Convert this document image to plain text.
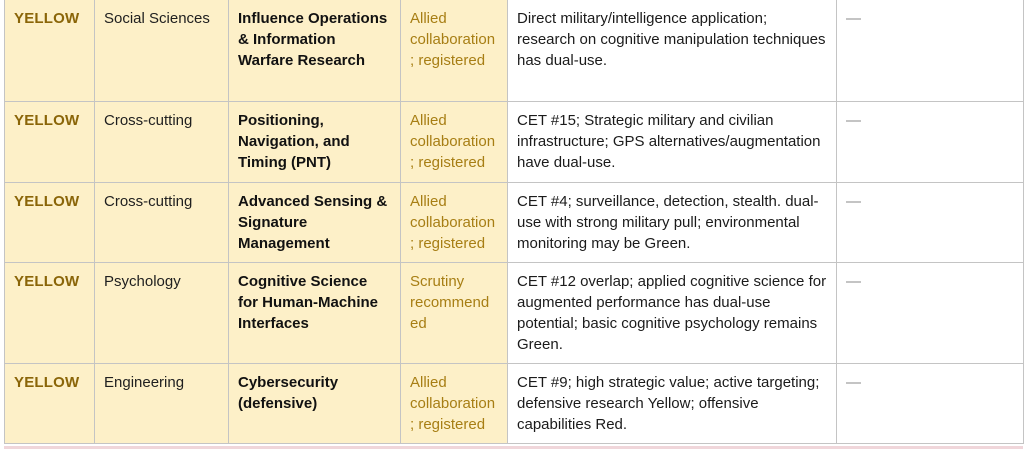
YELLOW	Social Sciences	Influence Operations & Information Warfare Research	Allied collaboration ; registered	Direct military/intelligence application; research on cognitive manipulation techniques has dual-use.	—
YELLOW	Cross-cutting	Positioning, Navigation, and Timing (PNT)	Allied collaboration ; registered	CET #15; Strategic military and civilian infrastructure; GPS alternatives/augmentation have dual-use.	—
YELLOW	Cross-cutting	Advanced Sensing & Signature Management	Allied collaboration ; registered	CET #4; surveillance, detection, stealth. dual-use with strong military pull; environmental monitoring may be Green.	—
YELLOW	Psychology	Cognitive Science for Human-Machine Interfaces	Scrutiny recommend ed	CET #12 overlap; applied cognitive science for augmented performance has dual-use potential; basic cognitive psychology remains Green.	—
YELLOW	Engineering	Cybersecurity (defensive)	Allied collaboration ; registered	CET #9; high strategic value; active targeting; defensive research Yellow; offensive capabilities Red.	—
